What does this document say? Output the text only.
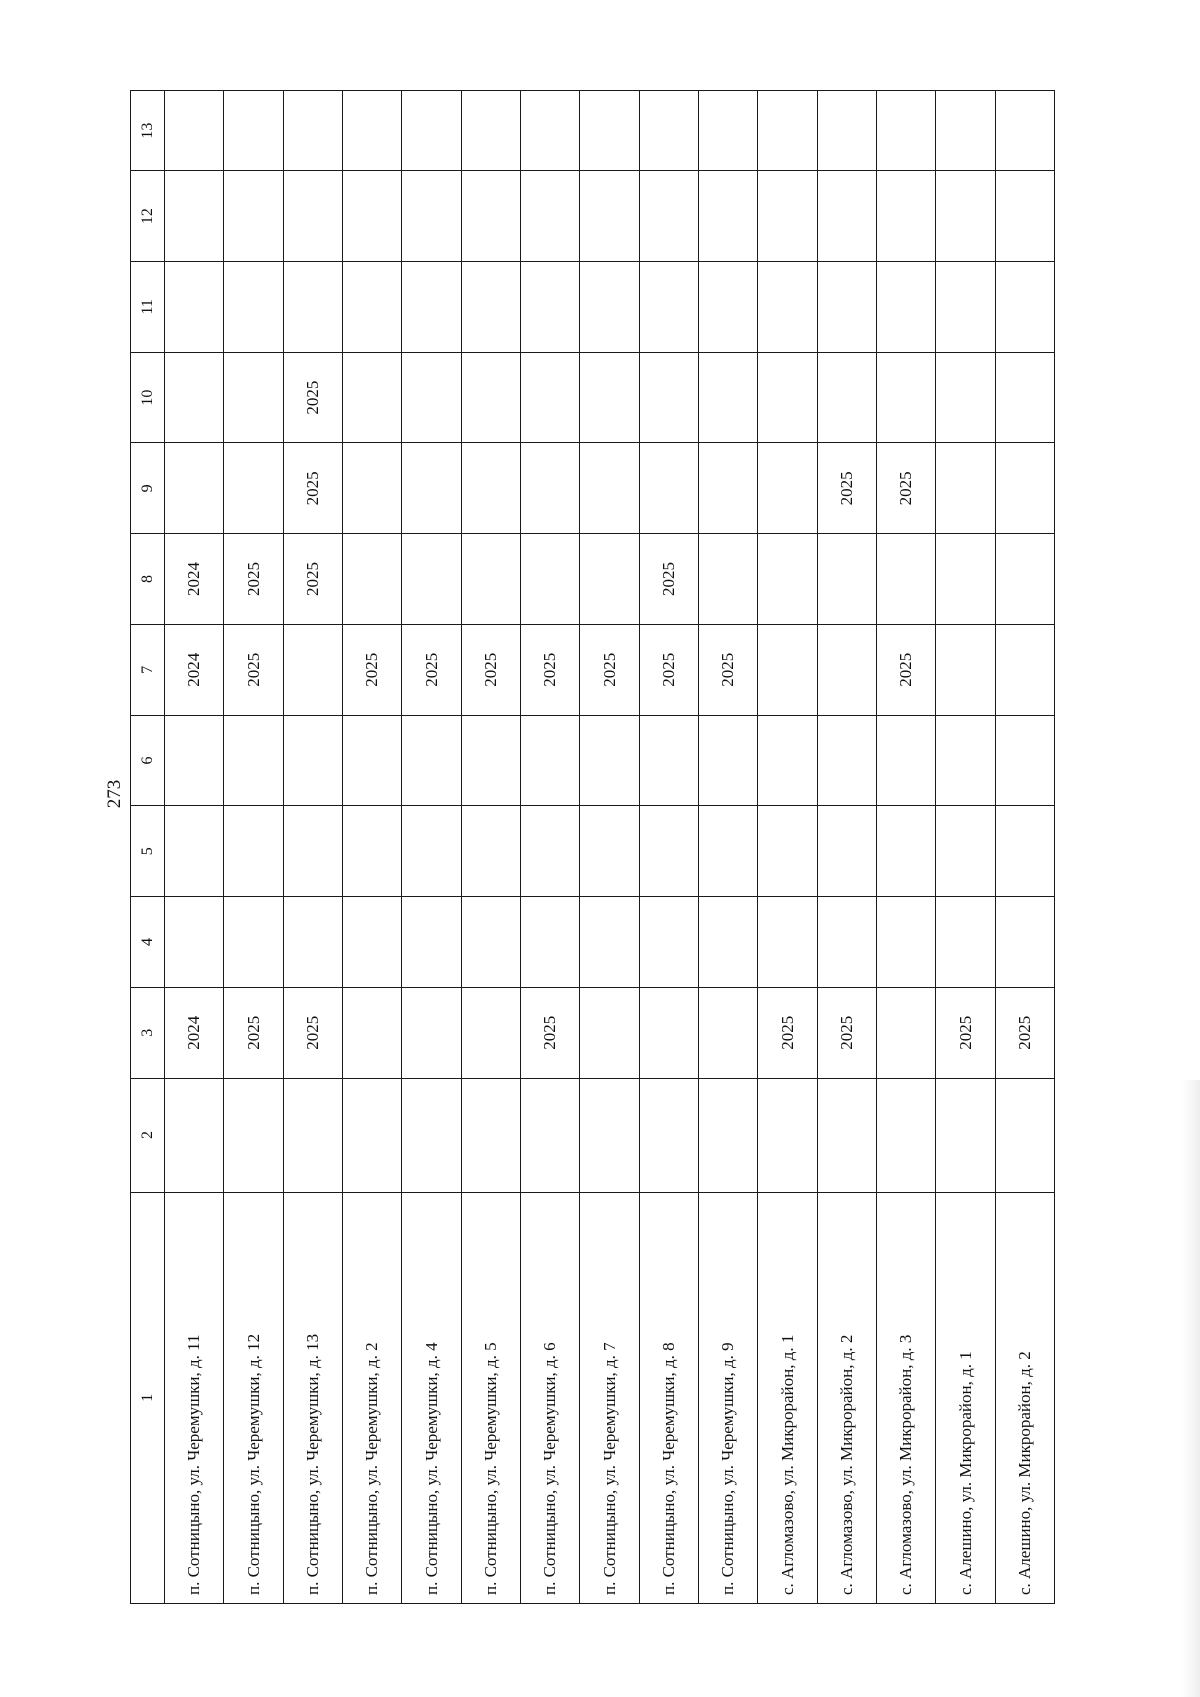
273
1	2	3	4	5	6	7	8	9	10	11	12	13
п. Сотницыно, ул. Черемушки, д. 11		2024				2024	2024					
п. Сотницыно, ул. Черемушки, д. 12		2025				2025	2025					
п. Сотницыно, ул. Черемушки, д. 13		2025					2025	2025	2025			
п. Сотницыно, ул. Черемушки, д. 2						2025						
п. Сотницыно, ул. Черемушки, д. 4						2025						
п. Сотницыно, ул. Черемушки, д. 5						2025						
п. Сотницыно, ул. Черемушки, д. 6		2025				2025						
п. Сотницыно, ул. Черемушки, д. 7						2025						
п. Сотницыно, ул. Черемушки, д. 8						2025	2025					
п. Сотницыно, ул. Черемушки, д. 9						2025						
с. Агломазово, ул. Микрорайон, д. 1		2025										
с. Агломазово, ул. Микрорайон, д. 2		2025						2025				
с. Агломазово, ул. Микрорайон, д. 3						2025		2025				
с. Алешино, ул. Микрорайон, д. 1		2025										
с. Алешино, ул. Микрорайон, д. 2		2025										
